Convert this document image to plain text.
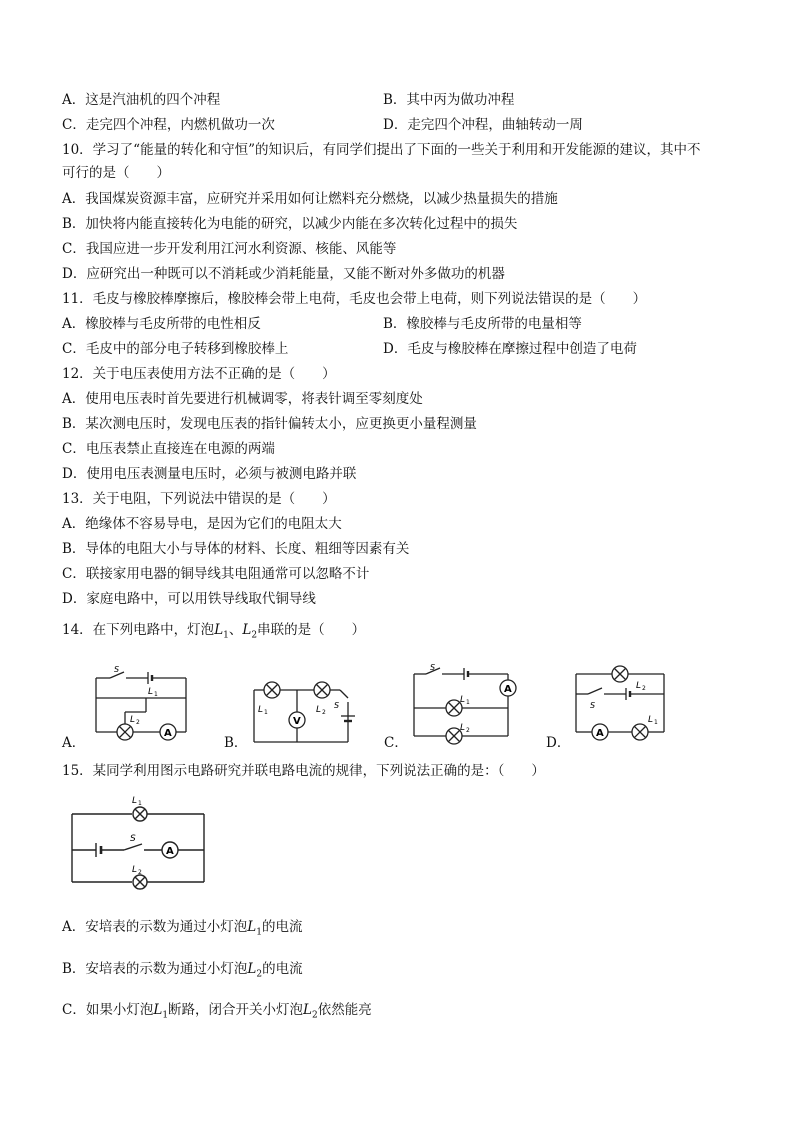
A．这是汽油机的四个冲程	B．其中丙为做功冲程
C．走完四个冲程，内燃机做功一次	D．走完四个冲程，曲轴转动一周
10．学习了“能量的转化和守恒”的知识后，有同学们提出了下面的一些关于利用和开发能源的建议，其中不
可行的是（　　）
A．我国煤炭资源丰富，应研究并采用如何让燃料充分燃烧，以减少热量损失的措施
B．加快将内能直接转化为电能的研究，以减少内能在多次转化过程中的损失
C．我国应进一步开发利用江河水利资源、核能、风能等
D．应研究出一种既可以不消耗或少消耗能量，又能不断对外多做功的机器
11．毛皮与橡胶棒摩擦后，橡胶棒会带上电荷，毛皮也会带上电荷，则下列说法错误的是（　　）
A．橡胶棒与毛皮所带的电性相反	B．橡胶棒与毛皮所带的电量相等
C．毛皮中的部分电子转移到橡胶棒上	D．毛皮与橡胶棒在摩擦过程中创造了电荷
12．关于电压表使用方法不正确的是（　　）
A．使用电压表时首先要进行机械调零，将表针调至零刻度处
B．某次测电压时，发现电压表的指针偏转太小，应更换更小量程测量
C．电压表禁止直接连在电源的两端
D．使用电压表测量电压时，必须与被测电路并联
13．关于电阻，下列说法中错误的是（　　）
A．绝缘体不容易导电，是因为它们的电阻太大
B．导体的电阻大小与导体的材料、长度、粗细等因素有关
C．联接家用电器的铜导线其电阻通常可以忽略不计
D．家庭电路中，可以用铁导线取代铜导线
14．在下列电路中，灯泡$L_1$、$L_2$串联的是（　　）
A．
S
L 1
L 2
A
B．
L 1	L 2
S
V
C．
S
L 1
L 2
A
D．
S
L 2
L 1
A
15．某同学利用图示电路研究并联电路电流的规律，下列说法正确的是：（　　）
L 1
S
A
L 2
A．安培表的示数为通过小灯泡$L_1$的电流
B．安培表的示数为通过小灯泡$L_2$的电流
C．如果小灯泡$L_1$断路，闭合开关小灯泡$L_2$依然能亮
